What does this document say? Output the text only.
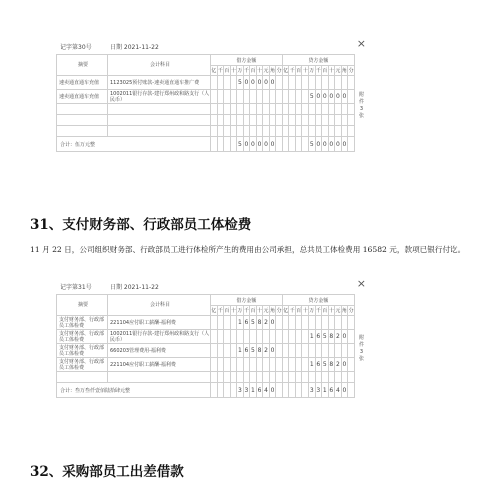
记字第30号	日期 2021-11-22	×
摘要	会计科目	借方金额											贷方金额											
		亿	千	百	十	万	千	百	十	元	角	分	亿	千	百	十	万	千	百	十	元	角	分	
速卖通直通车充值	1123025预付账款-速卖通直通车推广费					5	0	0	0	0	0													附
件
3
张

速卖通直通车充值	1002011银行存款-建行郑州政和路支行（人民币）																5	0	0	0	0	0		

合计：伍万元整						5	0	0	0	0	0						5	0	0	0	0	0		
31、支付财务部、行政部员工体检费
11 月 22 日，公司组织财务部、行政部员工进行体检所产生的费用由公司承担，总共员工体检费用 16582 元，款项已银行付讫。
记字第31号	日期 2021-11-22	×
摘要	会计科目	借方金额											贷方金额											
		亿	千	百	十	万	千	百	十	元	角	分	亿	千	百	十	万	千	百	十	元	角	分	
支付财务部、行政部员工体检费	221104应付职工薪酬-福利费					1	6	5	8	2	0													附
件
3
张

支付财务部、行政部员工体检费	1002011银行存款-建行郑州政和路支行（人民币）																1	6	5	8	2	0		
支付财务部、行政部员工体检费	660203管理费用-福利费					1	6	5	8	2	0													
支付财务部、行政部员工体检费	221104应付职工薪酬-福利费																1	6	5	8	2	0		

合计：叁万叁仟壹佰陆拾肆元整						3	3	1	6	4	0						3	3	1	6	4	0		
32、采购部员工出差借款
